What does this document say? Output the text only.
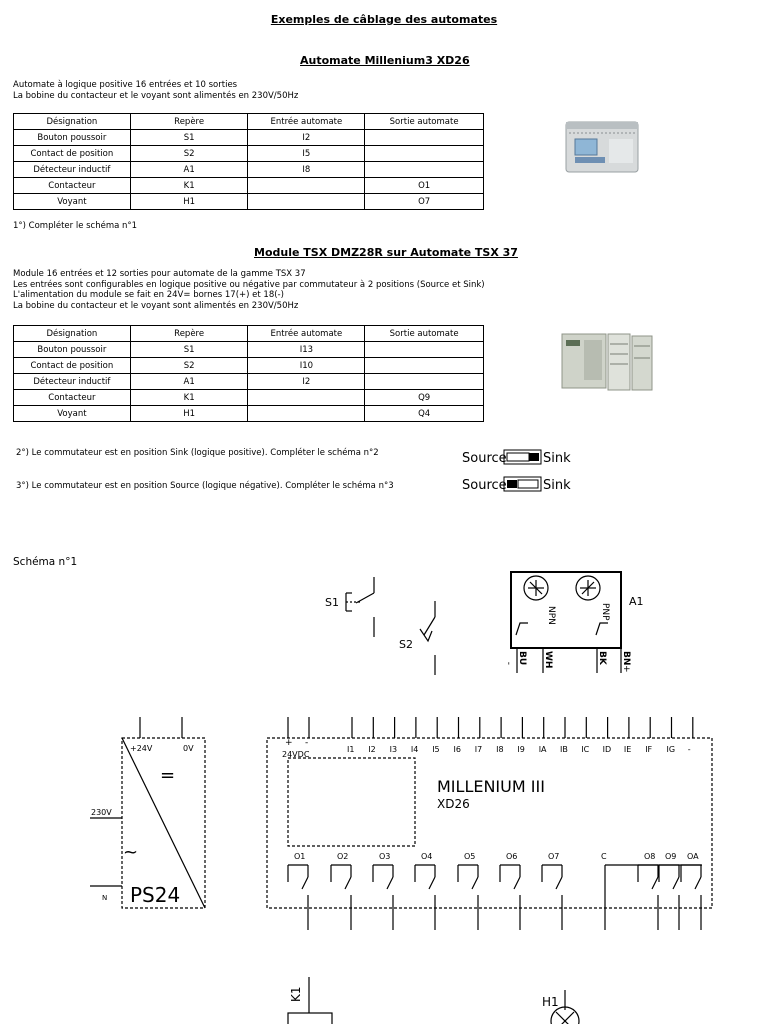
Exemples de câblage des automates
Automate Millenium3 XD26
Automate à logique positive 16 entrées et 10 sorties
La bobine du contacteur et le voyant sont alimentés en 230V/50Hz
Désignation	Repère	Entrée automate	Sortie automate
Bouton poussoir	S1	I2	
Contact de position	S2	I5	
Détecteur inductif	A1	I8	
Contacteur	K1		O1
Voyant	H1		O7
1°) Compléter le schéma n°1
Module TSX DMZ28R sur Automate TSX 37
Module 16 entrées et 12 sorties pour automate de la gamme TSX 37
Les entrées sont configurables en logique positive ou négative par commutateur à 2 positions (Source et Sink)
L'alimentation du module se fait en 24V= bornes 17(+) et 18(-)
La bobine du contacteur et le voyant sont alimentés en 230V/50Hz
Désignation	Repère	Entrée automate	Sortie automate
Bouton poussoir	S1	I13	
Contact de position	S2	I10	
Détecteur inductif	A1	I2	
Contacteur	K1		Q9
Voyant	H1		Q4
2°) Le commutateur est en position Sink (logique positive). Compléter le schéma n°2
3°) Le commutateur est en position Source (logique négative). Compléter le schéma n°3
Source	Sink
Source	Sink
Schéma n°1
S1
S2
A1
NPN	PNP
- BU WH	BK BN
+
+24V	0V
230V
N
=
~
PS24
+ -
24VDC
MILLENIUM III
XD26
I1 I2 I3 I4 I5 I6 I7 I8 I9 IA IB IC ID IE IF IG -
O1	O2	O3	O4	O5	O6	O7	C	O8 O9 OA
K1	H1
